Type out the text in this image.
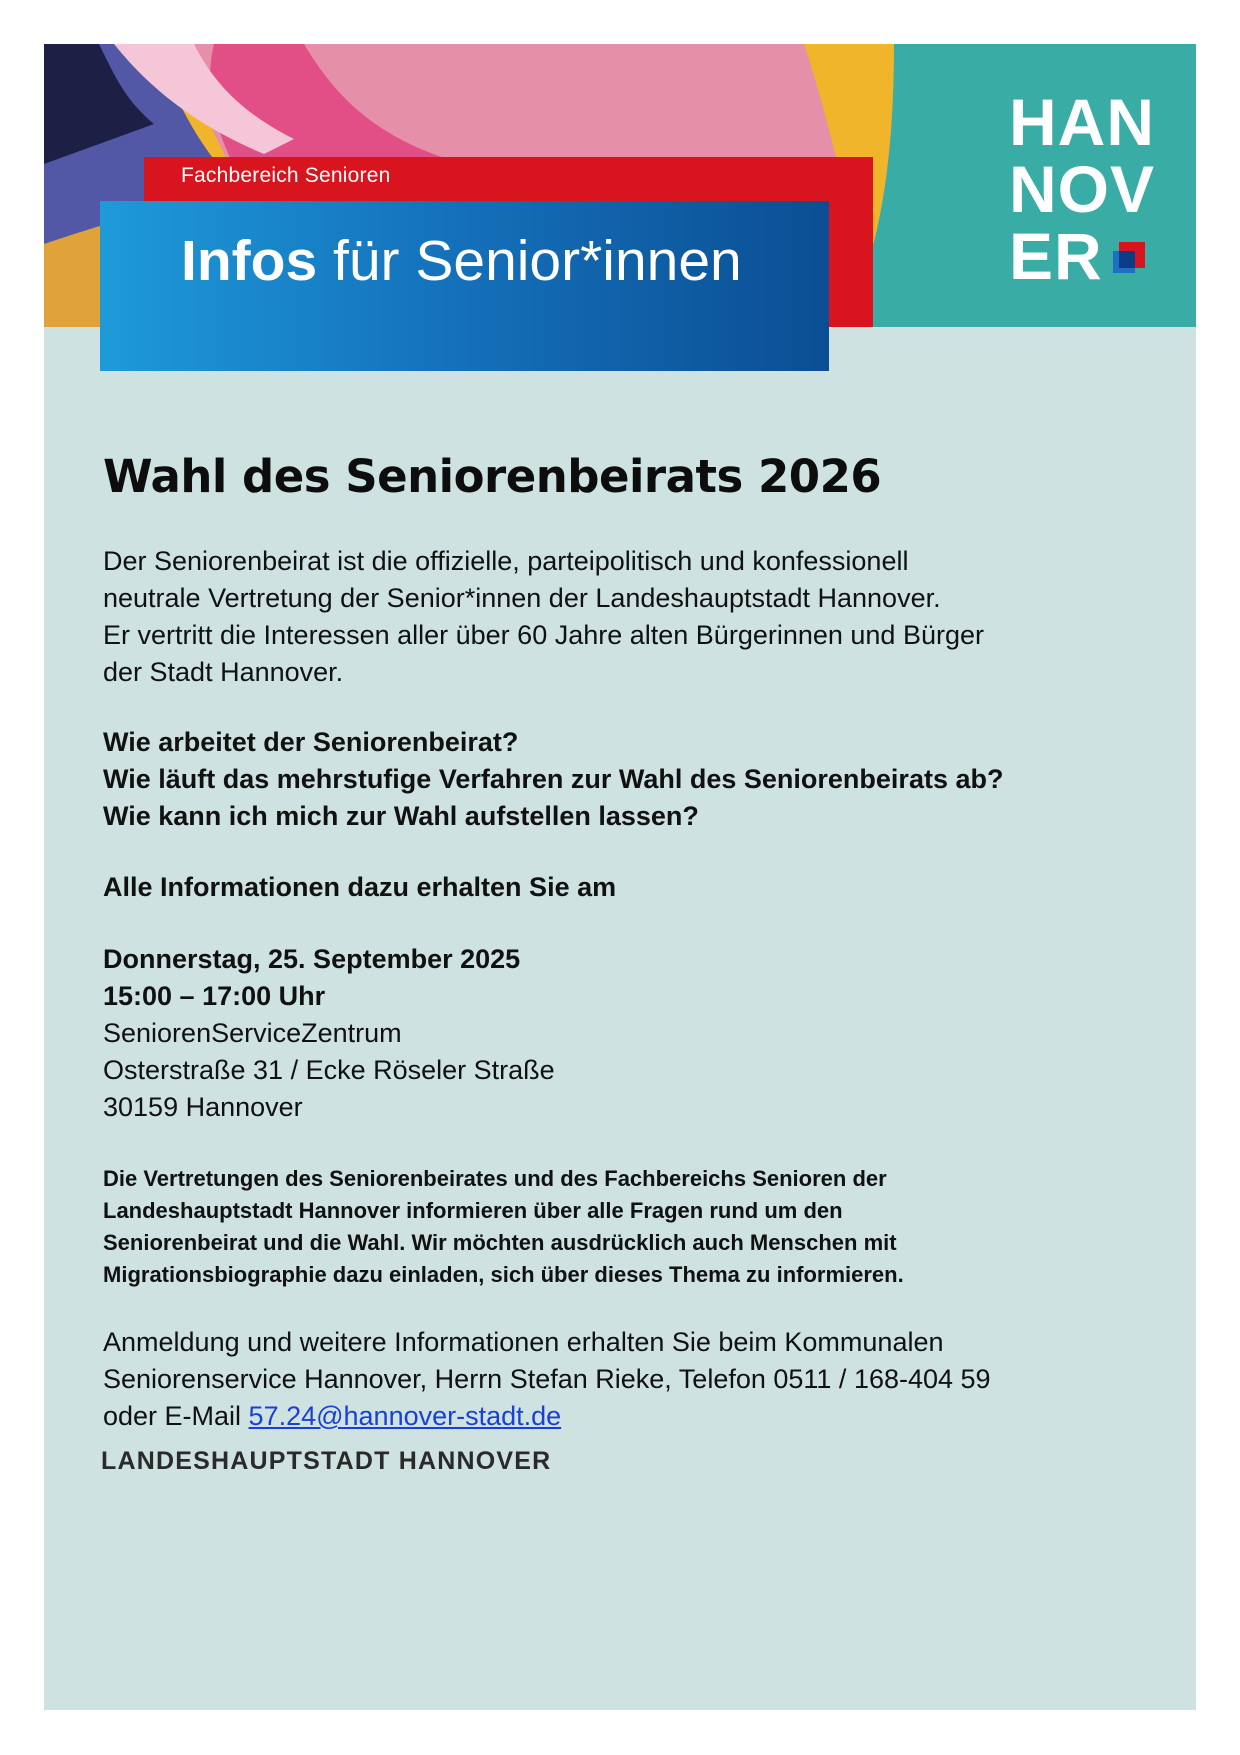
HAN
NOV
ER
Fachbereich Senioren
Infos für Senior*innen
Wahl des Seniorenbeirats 2026
Der Seniorenbeirat ist die offizielle, parteipolitisch und konfessionell
neutrale Vertretung der Senior*innen der Landeshauptstadt Hannover.
Er vertritt die Interessen aller über 60 Jahre alten Bürgerinnen und Bürger
der Stadt Hannover.
Wie arbeitet der Seniorenbeirat?
Wie läuft das mehrstufige Verfahren zur Wahl des Seniorenbeirats ab?
Wie kann ich mich zur Wahl aufstellen lassen?
Alle Informationen dazu erhalten Sie am
Donnerstag, 25. September 2025
15:00 – 17:00 Uhr
SeniorenServiceZentrum
Osterstraße 31 / Ecke Röseler Straße
30159 Hannover
Die Vertretungen des Seniorenbeirates und des Fachbereichs Senioren der
Landeshauptstadt Hannover informieren über alle Fragen rund um den
Seniorenbeirat und die Wahl. Wir möchten ausdrücklich auch Menschen mit
Migrationsbiographie dazu einladen, sich über dieses Thema zu informieren.
Anmeldung und weitere Informationen erhalten Sie beim Kommunalen
Seniorenservice Hannover, Herrn Stefan Rieke, Telefon 0511 / 168-404 59
oder E-Mail 57.24@hannover-stadt.de
LANDESHAUPTSTADT HANNOVER
